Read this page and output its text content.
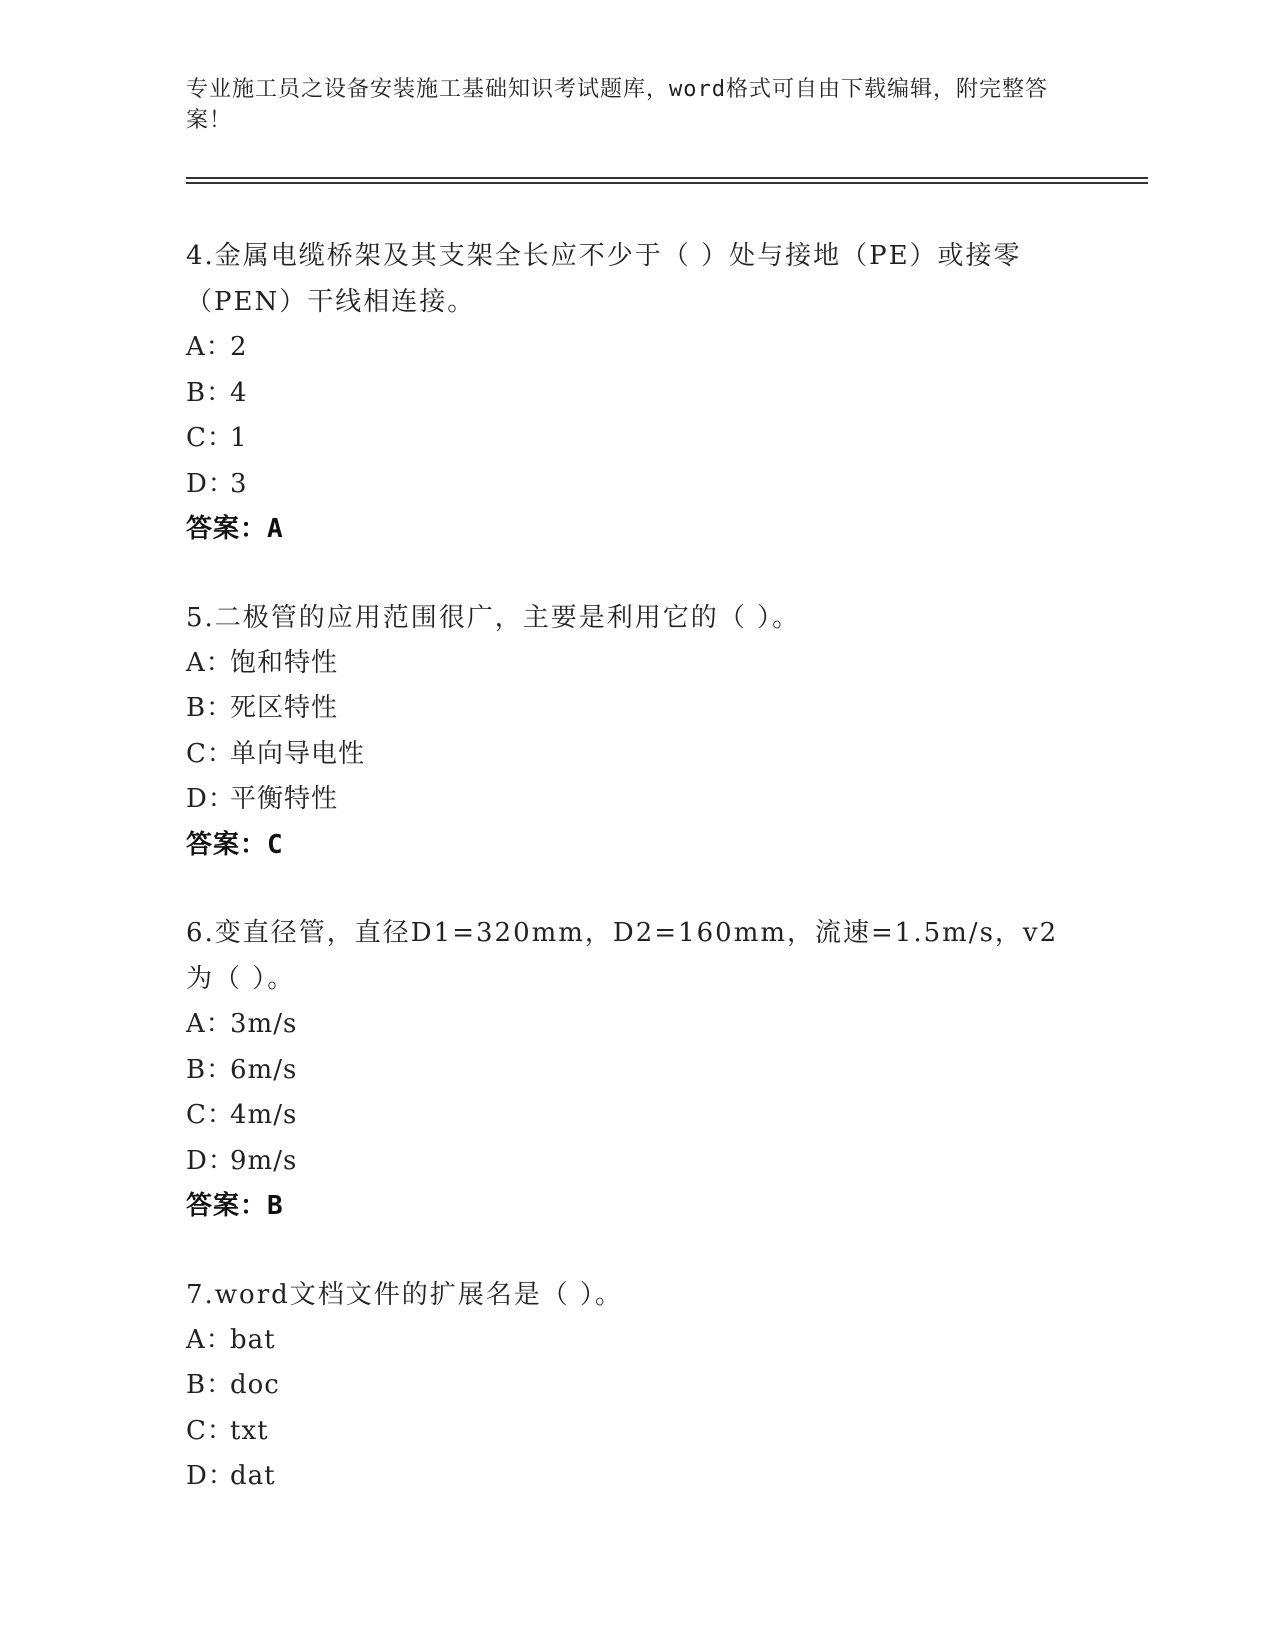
专业施工员之设备安装施工基础知识考试题库，word格式可自由下载编辑，附完整答案！
4.金属电缆桥架及其支架全长应不少于（ ）处与接地（PE）或接零（PEN）干线相连接。
A：2
B：4
C：1
D：3
答案：A
5.二极管的应用范围很广，主要是利用它的（ ）。
A：饱和特性
B：死区特性
C：单向导电性
D：平衡特性
答案：C
6.变直径管，直径D1=320mm，D2=160mm，流速=1.5m/s，v2为（ ）。
A：3m/s
B：6m/s
C：4m/s
D：9m/s
答案：B
7.word文档文件的扩展名是（ ）。
A：bat
B：doc
C：txt
D：dat
